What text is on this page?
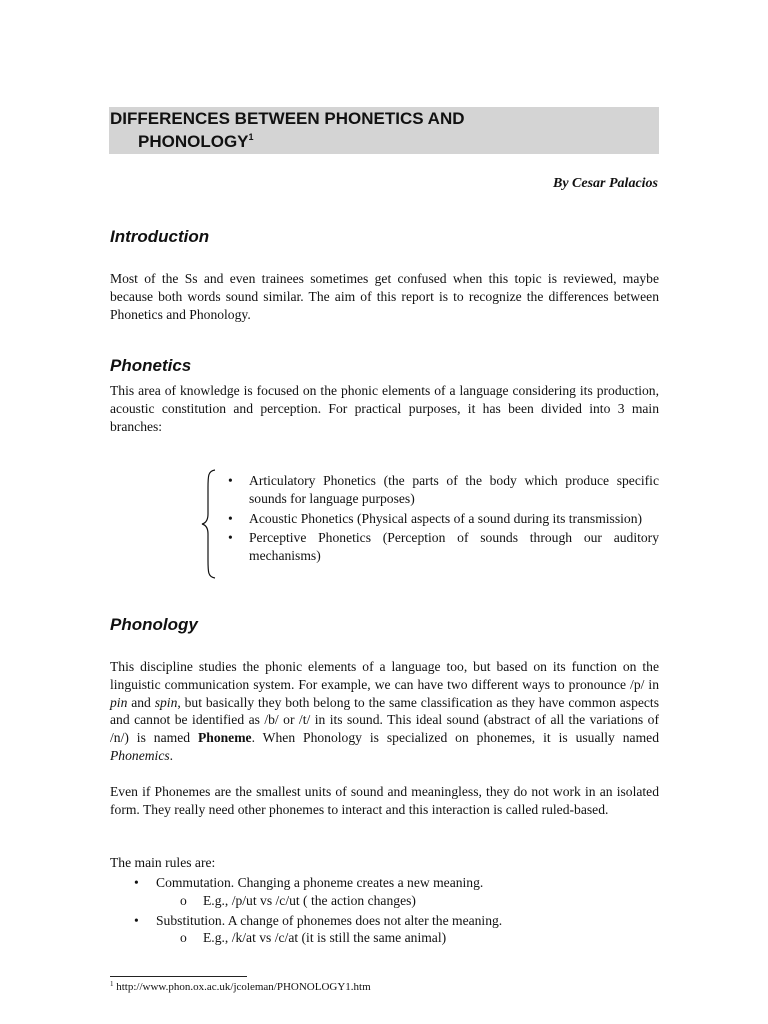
DIFFERENCES BETWEEN PHONETICS AND
PHONOLOGY$^1$
By Cesar Palacios
Introduction
Most of the Ss and even trainees sometimes get confused when this topic is reviewed, maybe because both words sound similar. The aim of this report is to recognize the differences between Phonetics and Phonology.
Phonetics
This area of knowledge is focused on the phonic elements of a language considering its production, acoustic constitution and perception. For practical purposes, it has been divided into 3 main branches:
• Articulatory Phonetics (the parts of the body which produce specific sounds for language purposes)
• Acoustic Phonetics (Physical aspects of a sound during its transmission)
• Perceptive Phonetics (Perception of sounds through our auditory mechanisms)
Phonology
This discipline studies the phonic elements of a language too, but based on its function on the linguistic communication system. For example, we can have two different ways to pronounce /p/ in pin and spin, but basically they both belong to the same classification as they have common aspects and cannot be identified as /b/ or /t/ in its sound. This ideal sound (abstract of all the variations of /n/) is named Phoneme. When Phonology is specialized on phonemes, it is usually named Phonemics.
Even if Phonemes are the smallest units of sound and meaningless, they do not work in an isolated form. They really need other phonemes to interact and this interaction is called ruled-based.
The main rules are:
• Commutation. Changing a phoneme creates a new meaning.
o E.g., /p/ut vs /c/ut ( the action changes)
• Substitution. A change of phonemes does not alter the meaning.
o E.g., /k/at vs /c/at (it is still the same animal)
$^1$ http://www.phon.ox.ac.uk/jcoleman/PHONOLOGY1.htm
